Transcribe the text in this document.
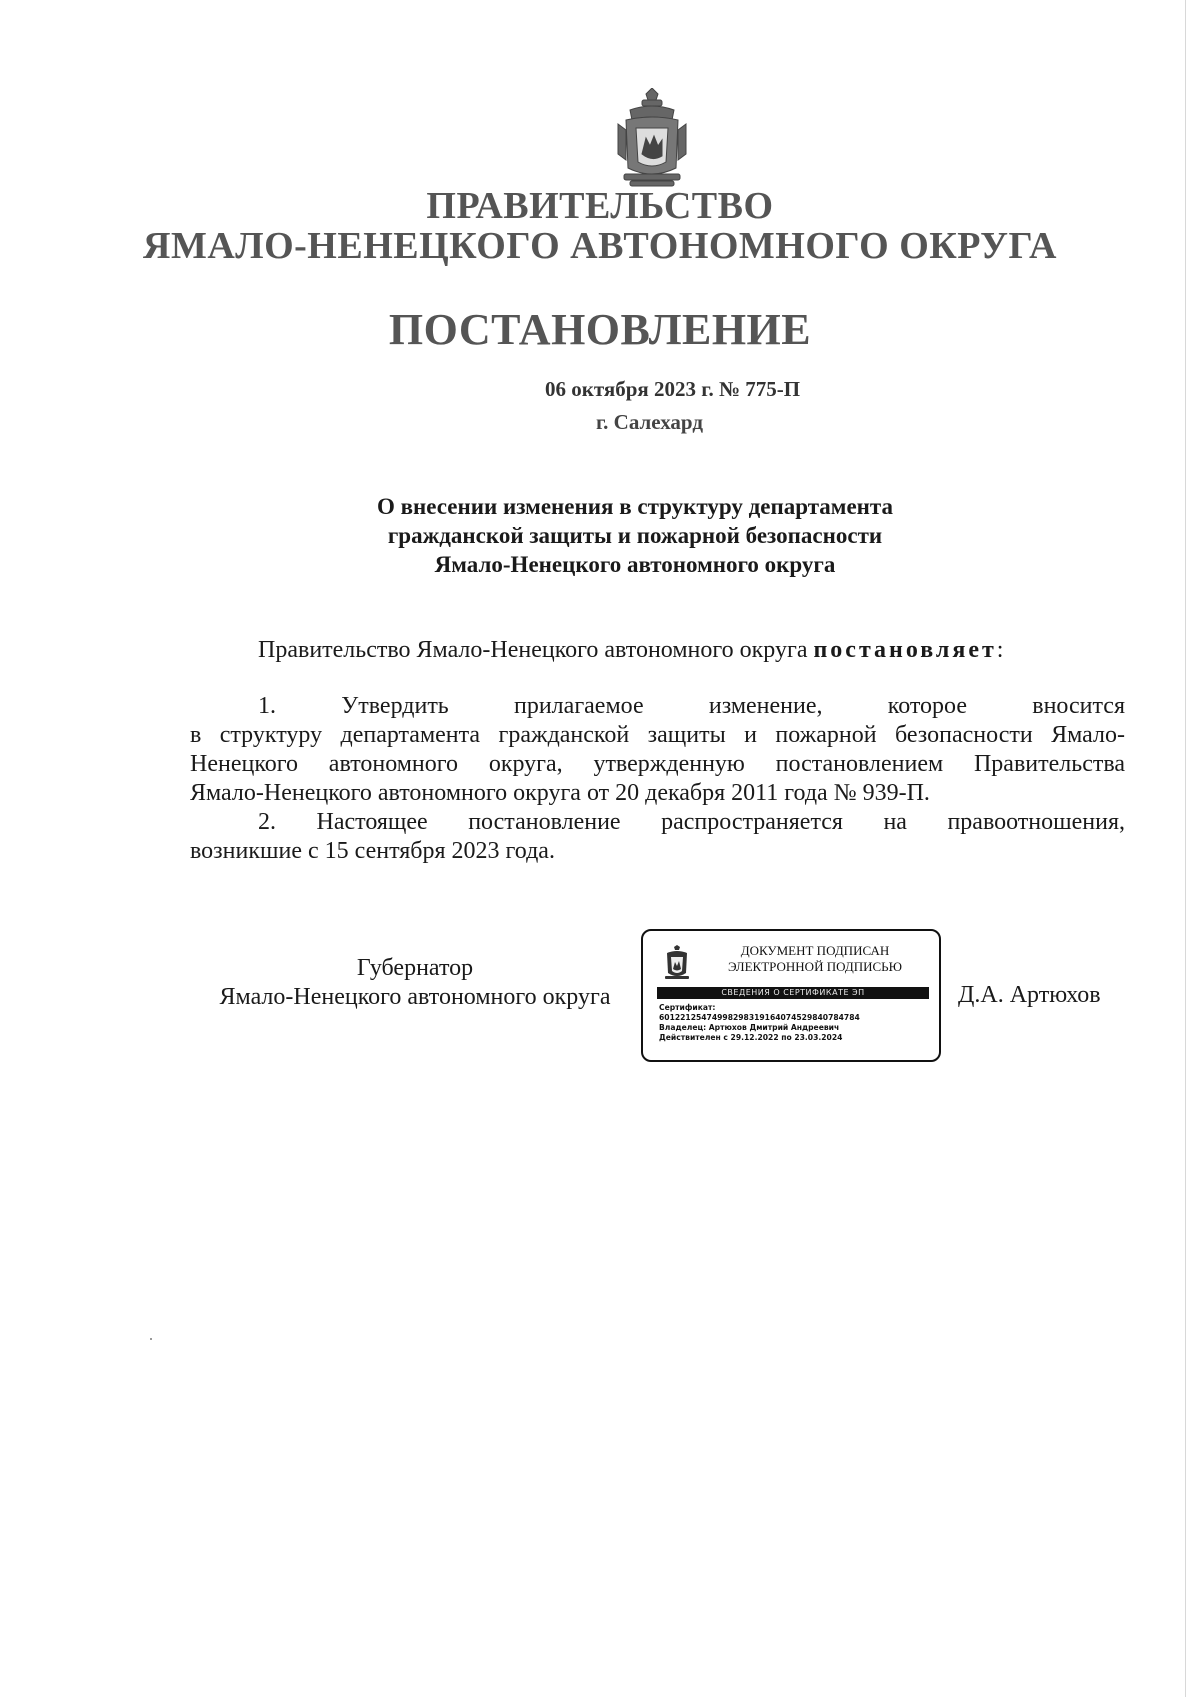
ПРАВИТЕЛЬСТВО
ЯМАЛО-НЕНЕЦКОГО АВТОНОМНОГО ОКРУГА
ПОСТАНОВЛЕНИЕ
06 октября 2023 г. № 775-П
г. Салехард
О внесении изменения в структуру департамента
гражданской защиты и пожарной безопасности
Ямало-Ненецкого автономного округа
Правительство Ямало-Ненецкого автономного округа постановляет:
1. Утвердить прилагаемое изменение, которое вносится
в структуру департамента гражданской защиты и пожарной безопасности Ямало-
Ненецкого автономного округа, утвержденную постановлением Правительства
Ямало-Ненецкого автономного округа от 20 декабря 2011 года № 939-П.
2. Настоящее постановление распространяется на правоотношения,
возникшие с 15 сентября 2023 года.
Губернатор
Ямало-Ненецкого автономного округа
ДОКУМЕНТ ПОДПИСАН
ЭЛЕКТРОННОЙ ПОДПИСЬЮ
СВЕДЕНИЯ О СЕРТИФИКАТЕ ЭП
Сертификат:
60122125474998298319164074529840784784
Владелец: Артюхов Дмитрий Андреевич
Действителен с 29.12.2022 по 23.03.2024
Д.А. Артюхов
